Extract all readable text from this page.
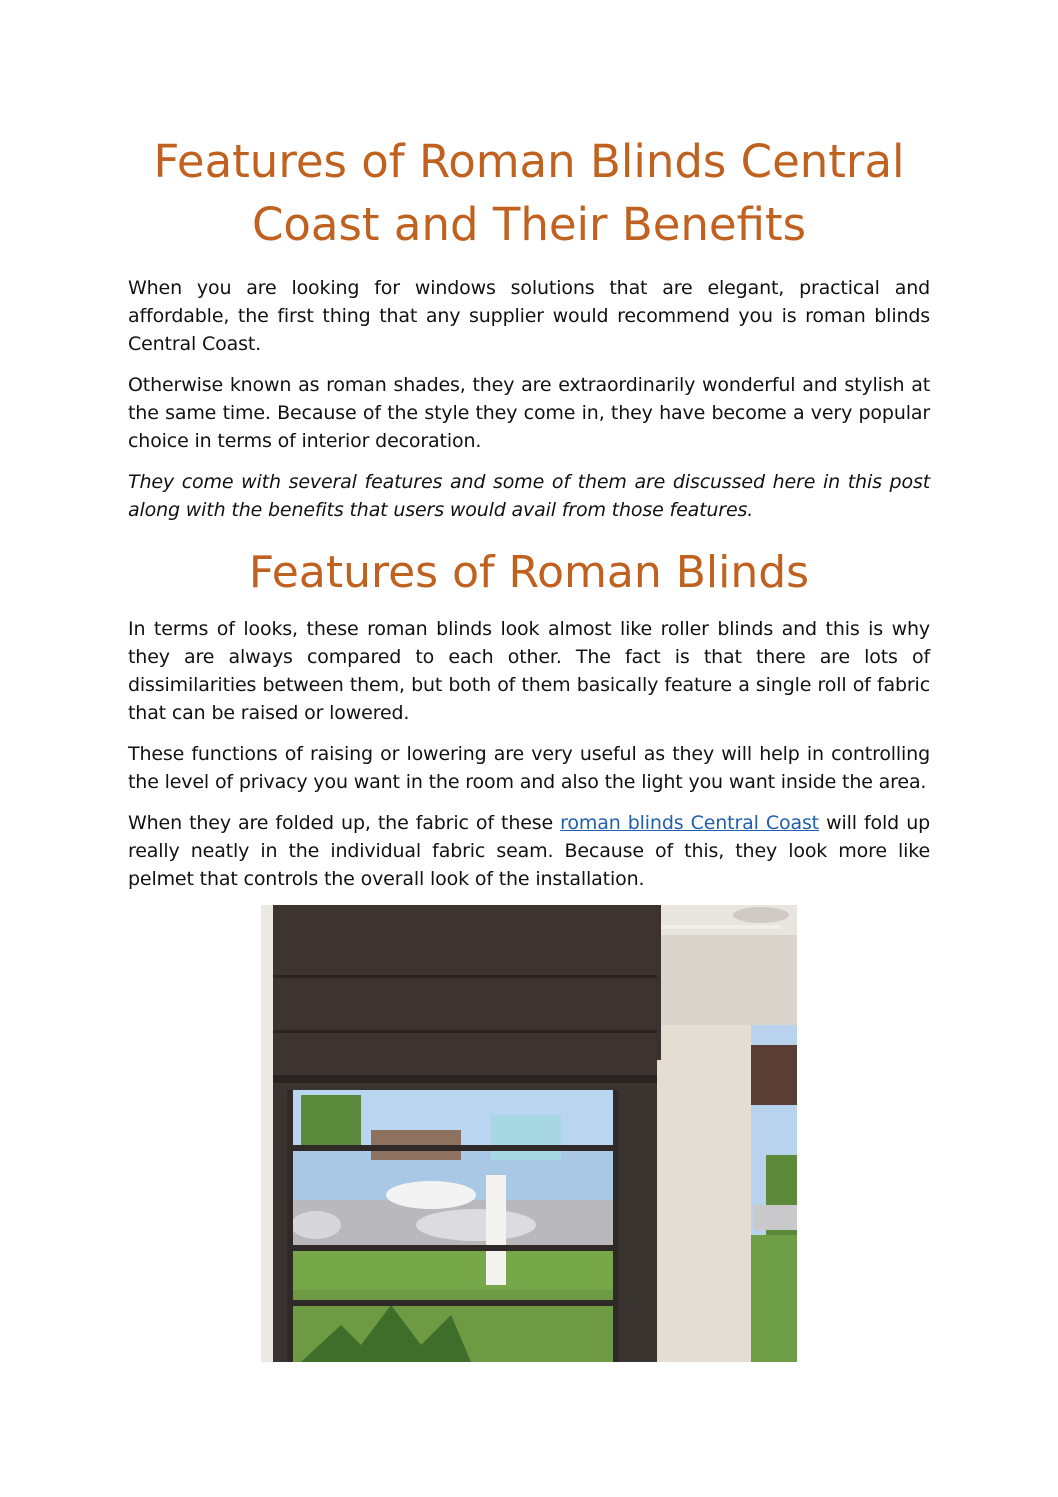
Features of Roman Blinds Central Coast and Their Benefits

When you are looking for windows solutions that are elegant, practical and affordable, the first thing that any supplier would recommend you is roman blinds Central Coast.

Otherwise known as roman shades, they are extraordinarily wonderful and stylish at the same time. Because of the style they come in, they have become a very popular choice in terms of interior decoration.

They come with several features and some of them are discussed here in this post along with the benefits that users would avail from those features.

Features of Roman Blinds

In terms of looks, these roman blinds look almost like roller blinds and this is why they are always compared to each other. The fact is that there are lots of dissimilarities between them, but both of them basically feature a single roll of fabric that can be raised or lowered.

These functions of raising or lowering are very useful as they will help in controlling the level of privacy you want in the room and also the light you want inside the area.

When they are folded up, the fabric of these roman blinds Central Coast will fold up really neatly in the individual fabric seam. Because of this, they look more like pelmet that controls the overall look of the installation.
